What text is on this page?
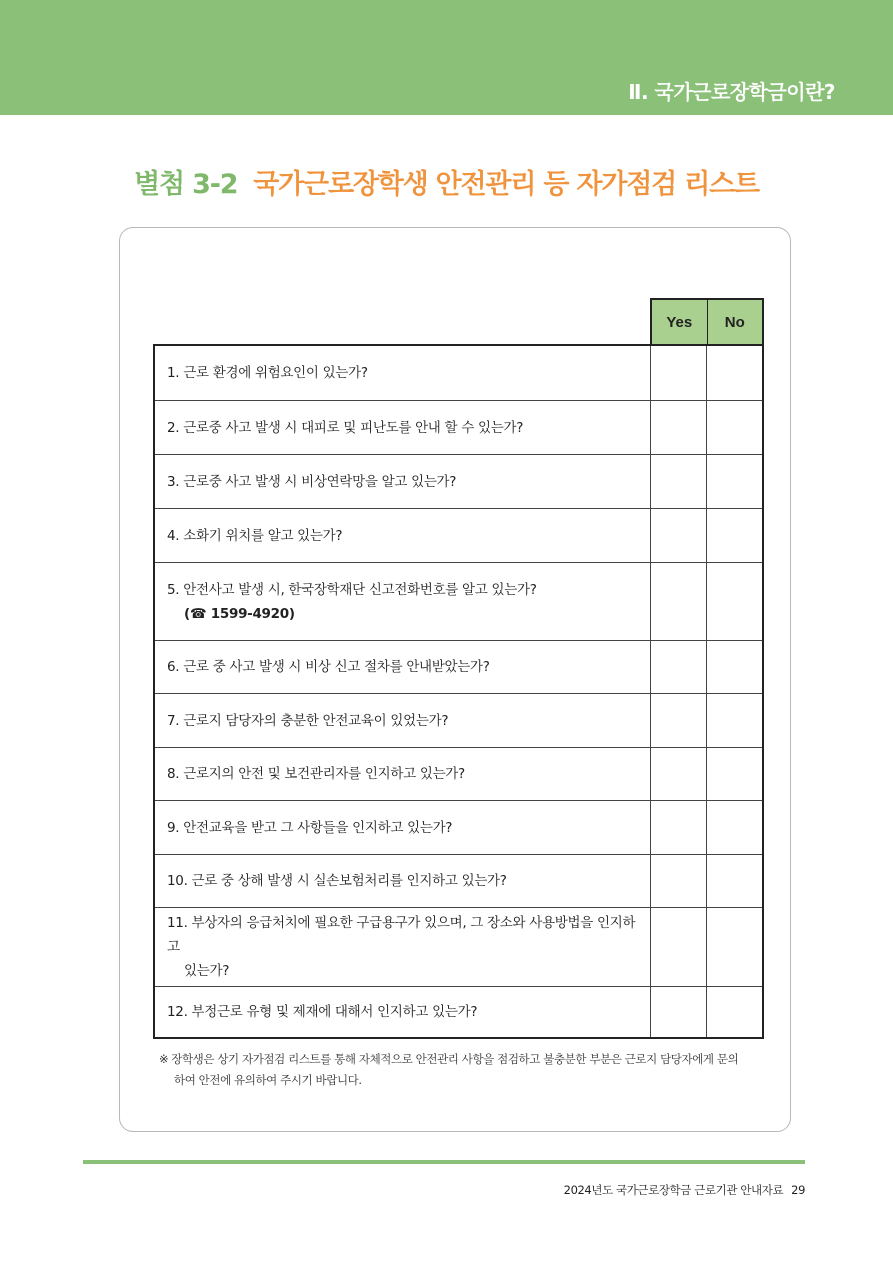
Ⅱ. 국가근로장학금이란?
별첨 3-2 국가근로장학생 안전관리 등 자가점검 리스트
Yes	No
1. 근로 환경에 위험요인이 있는가?
2. 근로중 사고 발생 시 대피로 및 피난도를 안내 할 수 있는가?
3. 근로중 사고 발생 시 비상연락망을 알고 있는가?
4. 소화기 위치를 알고 있는가?
5. 안전사고 발생 시, 한국장학재단 신고전화번호를 알고 있는가?
(☎ 1599-4920)
6. 근로 중 사고 발생 시 비상 신고 절차를 안내받았는가?
7. 근로지 담당자의 충분한 안전교육이 있었는가?
8. 근로지의 안전 및 보건관리자를 인지하고 있는가?
9. 안전교육을 받고 그 사항들을 인지하고 있는가?
10. 근로 중 상해 발생 시 실손보험처리를 인지하고 있는가?
11. 부상자의 응급처치에 필요한 구급용구가 있으며, 그 장소와 사용방법을 인지하고
있는가?
12. 부정근로 유형 및 제재에 대해서 인지하고 있는가?
※ 장학생은 상기 자가점검 리스트를 통해 자체적으로 안전관리 사항을 점검하고 불충분한 부분은 근로지 담당자에게 문의
하여 안전에 유의하여 주시기 바랍니다.
2024년도 국가근로장학금 근로기관 안내자료 29
